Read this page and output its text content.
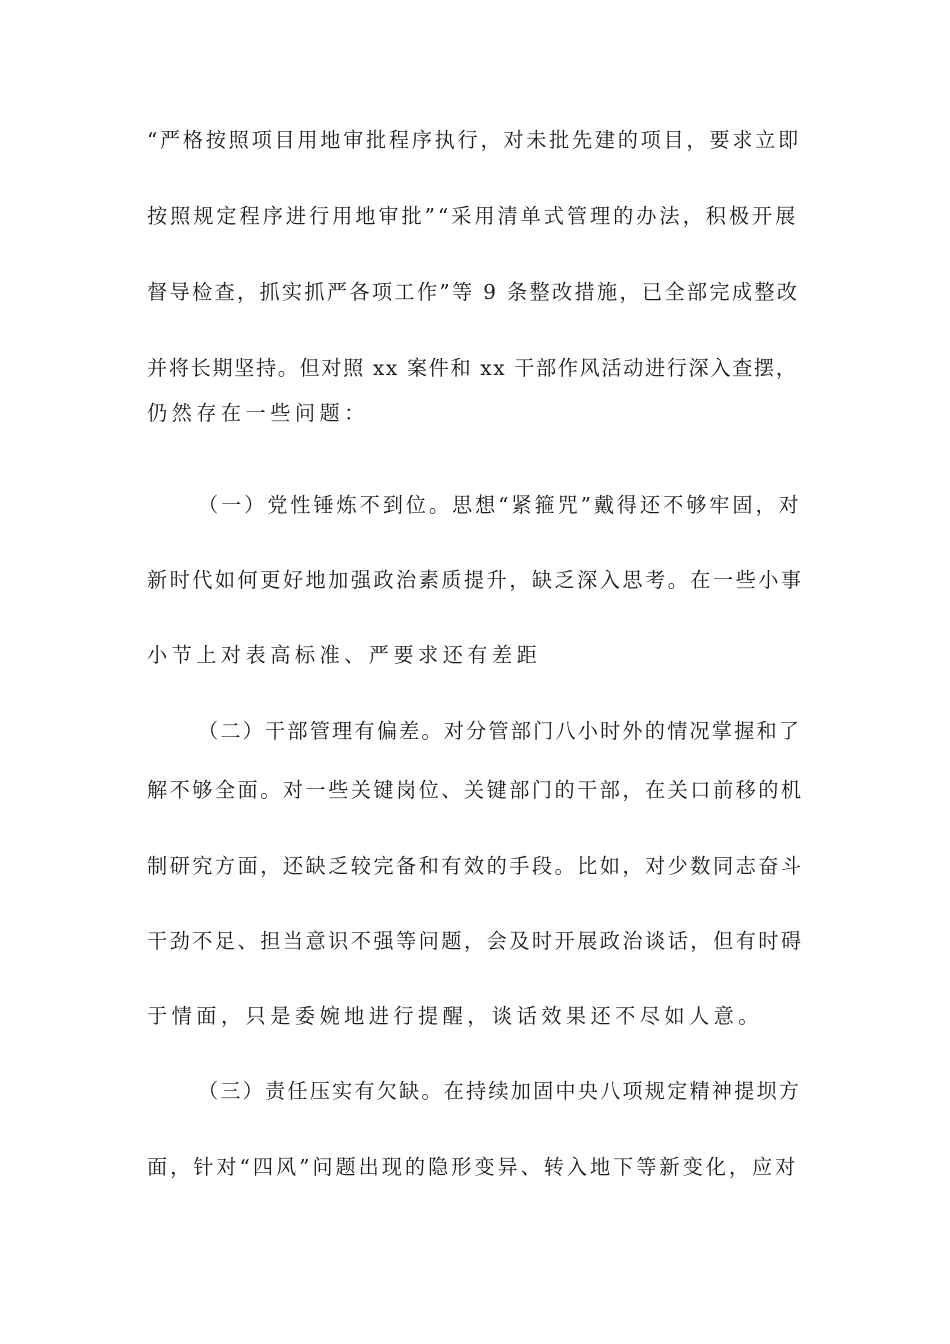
“严格按照项目用地审批程序执行，对未批先建的项目，要求立即
按照规定程序进行用地审批”“采用清单式管理的办法，积极开展
督导检查，抓实抓严各项工作”等 9 条整改措施，已全部完成整改
并将长期坚持。但对照 xx 案件和 xx 干部作风活动进行深入查摆，
仍然存在一些问题：
（一）党性锤炼不到位。思想“紧箍咒”戴得还不够牢固，对
新时代如何更好地加强政治素质提升，缺乏深入思考。在一些小事
小节上对表高标准、严要求还有差距
（二）干部管理有偏差。对分管部门八小时外的情况掌握和了
解不够全面。对一些关键岗位、关键部门的干部，在关口前移的机
制研究方面，还缺乏较完备和有效的手段。比如，对少数同志奋斗
干劲不足、担当意识不强等问题，会及时开展政治谈话，但有时碍
于情面，只是委婉地进行提醒，谈话效果还不尽如人意。
（三）责任压实有欠缺。在持续加固中央八项规定精神提坝方
面，针对“四风”问题出现的隐形变异、转入地下等新变化，应对
